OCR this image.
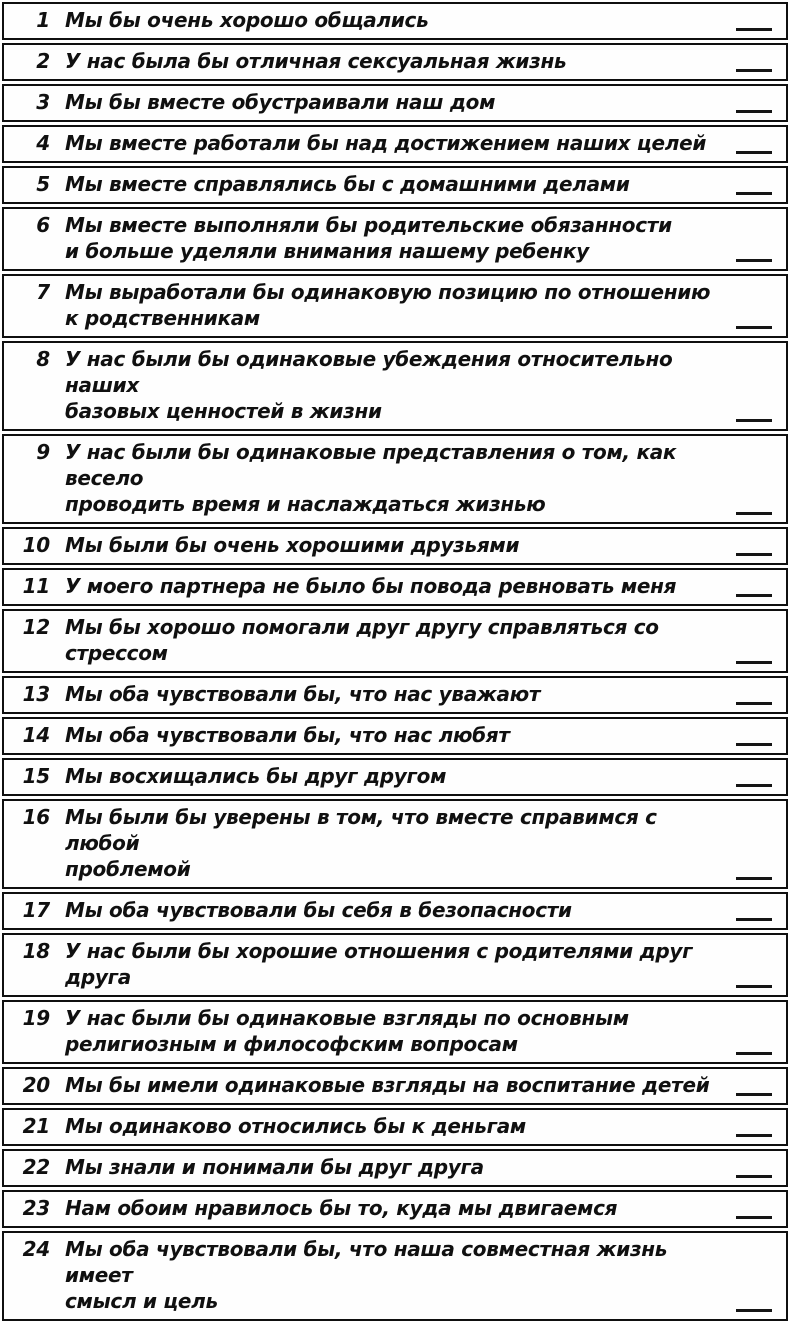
1 Мы бы очень хорошо общались
2 У нас была бы отличная сексуальная жизнь
3 Мы бы вместе обустраивали наш дом
4 Мы вместе работали бы над достижением наших целей
5 Мы вместе справлялись бы с домашними делами
6 Мы вместе выполняли бы родительские обязанности
и больше уделяли внимания нашему ребенку
7 Мы выработали бы одинаковую позицию по отношению
к родственникам
8 У нас были бы одинаковые убеждения относительно наших
базовых ценностей в жизни
9 У нас были бы одинаковые представления о том, как весело
проводить время и наслаждаться жизнью
10 Мы были бы очень хорошими друзьями
11 У моего партнера не было бы повода ревновать меня
12 Мы бы хорошо помогали друг другу справляться со стрессом
13 Мы оба чувствовали бы, что нас уважают
14 Мы оба чувствовали бы, что нас любят
15 Мы восхищались бы друг другом
16 Мы были бы уверены в том, что вместе справимся с любой
проблемой
17 Мы оба чувствовали бы себя в безопасности
18 У нас были бы хорошие отношения с родителями друг друга
19 У нас были бы одинаковые взгляды по основным
религиозным и философским вопросам
20 Мы бы имели одинаковые взгляды на воспитание детей
21 Мы одинаково относились бы к деньгам
22 Мы знали и понимали бы друг друга
23 Нам обоим нравилось бы то, куда мы двигаемся
24 Мы оба чувствовали бы, что наша совместная жизнь имеет
смысл и цель
